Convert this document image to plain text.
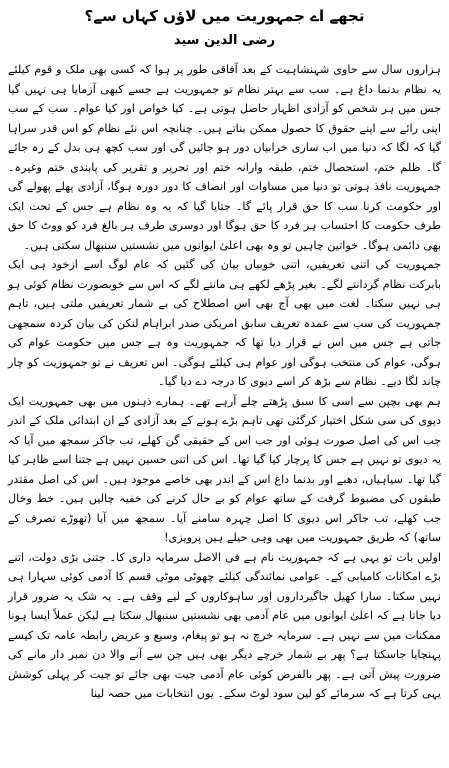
تجھے اے جمہوریت میں لاؤں کہاں سے؟
رضی الدین سید

ہزاروں سال سے حاوی شہنشاہیت کے بعد آفاقی طور پر ہوا کہ کسی بھی ملک و قوم کیلئے یہ نظام بدنما داغ ہے۔ سب سے بہتر نظام تو جمہوریت ہے جسے کبھی آزمایا ہی نہیں گیا جس میں ہر شخص کو آزادی اظہار حاصل ہوتی ہے۔ کیا خواص اور کیا عوام۔ سب کے سب اپنی رائے سے اپنے حقوق کا حصول ممکن بناتے ہیں۔ چنانچہ اس نئے نظام کو اس قدر سراہا گیا کہ لگا کہ دنیا میں اب ساری خرابیاں دور ہو جائیں گی اور سب کچھ ہی بدل کے رہ جائے گا۔ ظلم ختم، استحصال ختم، طبقہ وارانہ ختم اور تحریر و تقریر کی پابندی ختم وغیرہ۔ جمہوریت نافذ ہوتی تو دنیا میں مساوات اور انصاف کا دور دورہ ہوگا، آزادی پھلے پھولے گی اور حکومت کرنا سب کا حق قرار پائے گا۔ جتایا گیا کہ یہ وہ نظام ہے جس کے تحت ایک طرف حکومت کا احتساب ہر فرد کا حق ہوگا اور دوسری طرف ہر بالغ فرد کو ووٹ کا حق بھی دائمی ہوگا۔ خواتین چاہیں تو وہ بھی اعلیٰ ایوانوں میں نشستیں سنبھال سکتی ہیں۔

جمہوریت کی اتنی تعریفیں، اتنی خوبیاں بیان کی گئیں کہ عام لوگ اسے ازخود ہی ایک بابرکت نظام گردانتے لگے۔ بغیر پڑھے لکھے ہی مانتے لگے کہ اس سے خوبصورت نظام کوئی ہو ہی نہیں سکتا۔ لغت میں بھی آج بھی اس اصطلاح کی بے شمار تعریفیں ملتی ہیں، تاہم جمہوریت کی سب سے عمدہ تعریف سابق امریکی صدر ابراہام لنکن کی بیان کردہ سمجھی جاتی ہے جس میں اس نے قرار دیا تھا کہ جمہوریت وہ ہے جس میں حکومت عوام کی ہوگی، عوام کی منتخب ہوگی اور عوام ہی کیلئے ہوگی۔ اس تعریف نے تو جمہوریت کو چار چاند لگا دیے۔ نظام سے بڑھ کر اسے دیوی کا درجہ دے دیا گیا۔

ہم بھی بچپن سے اسی کا سبق پڑھتے چلے آرہے تھے۔ ہمارے ذہنوں میں بھی جمہوریت ایک دیوی کی سی شکل اختیار کرگئی تھی تاہم بڑے ہونے کے بعد آزادی کے ان ابتدائی ملک کے اندر جب اس کی اصل صورت ہوئی اور جب اس کے حقیقی گن کھلے، تب جاکر سمجھ میں آیا کہ یہ دیوی تو نہیں ہے جس کا پرچار کیا گیا تھا۔ اس کی اتنی حسین نہیں ہے جتنا اسے ظاہر کیا گیا تھا۔ سیاہیاں، دھبے اور بدنما داغ اس کے اندر بھی خاصے موجود ہیں۔ اس کی اصل مقتدر طبقوں کی مضبوط گرفت کے ساتھ عوام کو بے حال کرنے کی خفیہ چالیں ہیں۔ خط وخال جب کھلے، تب جاکر اس دیوی کا اصل چہرہ سامنے آیا۔ سمجھ میں آیا (تھوڑے تصرف کے ساتھ) کہ طریق جمہوریت میں بھی وہی حیلے ہیں پرویزی!

اولیں بات تو یہی ہے کہ جمہوریت نام ہے فی الاصل سرمایہ داری کا۔ جتنی بڑی دولت، اتنے بڑے امکانات کامیابی کے۔ عوامی نمائندگی کیلئے چھوٹی موٹی قسم کا آدمی کوئی سہارا ہی نہیں سکتا۔ سارا کھیل جاگیرداروں اور ساہوکاروں کے لیے وقف ہے۔ یہ شک یہ ضرور قرار دیا جاتا ہے کہ اعلیٰ ایوانوں میں عام آدمی بھی نشستیں سنبھال سکتا ہے لیکن عملاً ایسا ہونا ممکنات میں سے نہیں ہے۔ سرمایہ خرچ نہ ہو تو پیغام، وسیع و عریض رابطہ عامہ تک کیسے پہنچایا جاسکتا ہے؟ پھر بے شمار خرچے دیگر بھی ہیں جن سے آنے والا دن نمبر دار مانے کی ضرورت پیش آتی ہے۔ پھر بالفرض کوئی عام آدمی جیت بھی جائے تو جیت کر پہلی کوشش یہی کرتا ہے کہ سرمائے کو لین سود لوٹ سکے۔ یوں انتخابات میں حصہ لینا
